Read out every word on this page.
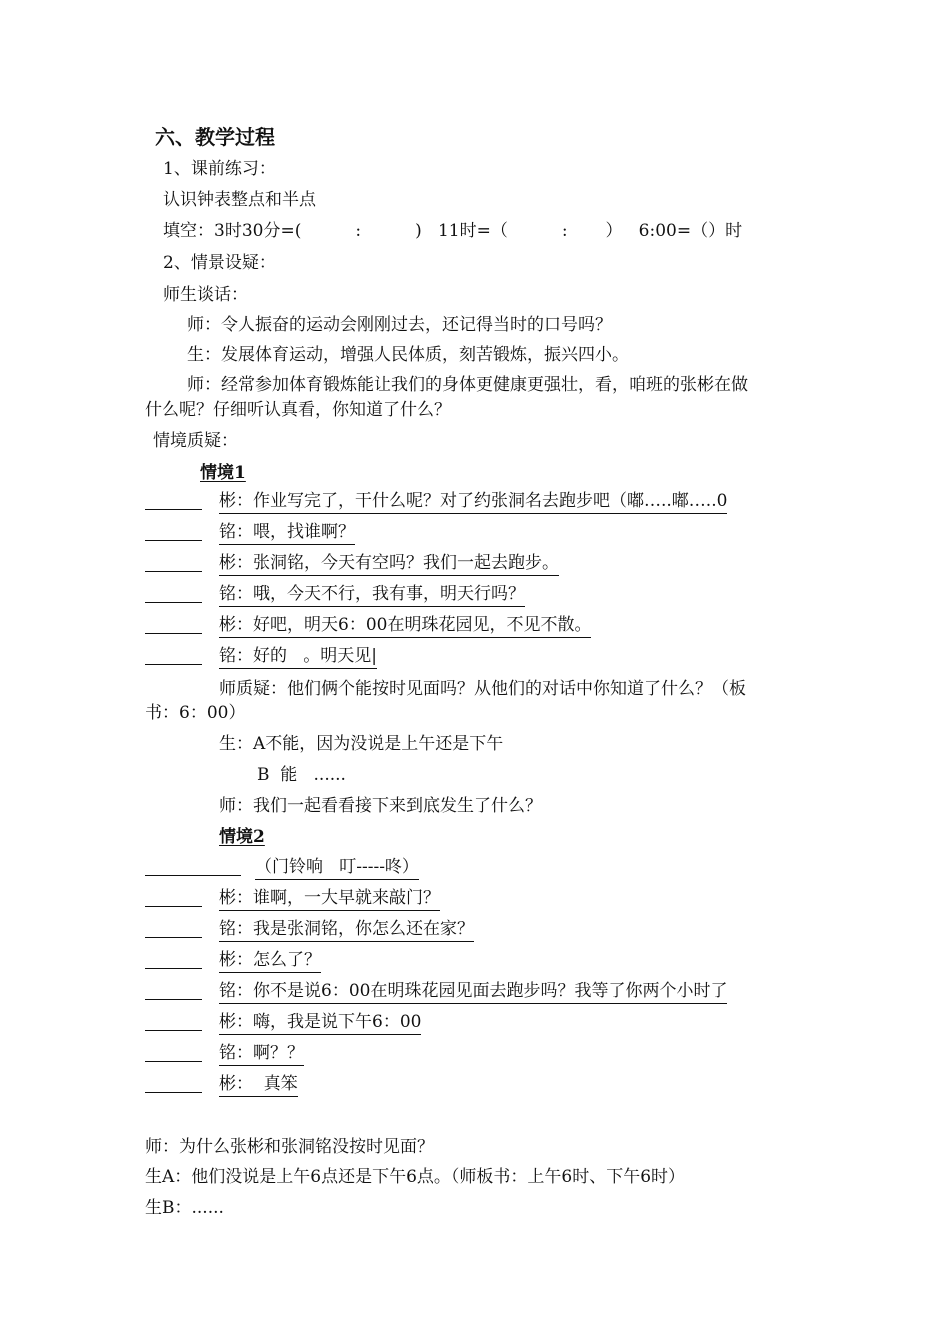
六、教学过程
1、课前练习：
认识钟表整点和半点
填空：3时30分=(          :          )   11时=（          :       ）   6:00=（）时
2、情景设疑：
师生谈话：
师：令人振奋的运动会刚刚过去，还记得当时的口号吗？
生：发展体育运动，增强人民体质，刻苦锻炼，振兴四小。
师：经常参加体育锻炼能让我们的身体更健康更强壮，看，咱班的张彬在做
什么呢？仔细听认真看，你知道了什么？
情境质疑：
情境1
彬：作业写完了，干什么呢？对了约张洞名去跑步吧（嘟…..嘟…..0
铭：喂，找谁啊？
彬：张洞铭，今天有空吗？我们一起去跑步。
铭：哦，今天不行，我有事，明天行吗？
彬：好吧，明天6：00在明珠花园见，不见不散。
铭：好的   。明天见|
师质疑：他们俩个能按时见面吗？从他们的对话中你知道了什么？（板
书：6：00）
生：A不能，因为没说是上午还是下午
B  能   ......
师：我们一起看看接下来到底发生了什么？
情境2
（门铃响   叮-----咚）
彬：谁啊，一大早就来敲门？
铭：我是张洞铭，你怎么还在家？
彬：怎么了？
铭：你不是说6：00在明珠花园见面去跑步吗？我等了你两个小时了
彬：嗨，我是说下午6：00
铭：啊？？
彬：  真笨
师：为什么张彬和张洞铭没按时见面？
生A：他们没说是上午6点还是下午6点。（师板书：上午6时、下午6时）
生B：......
